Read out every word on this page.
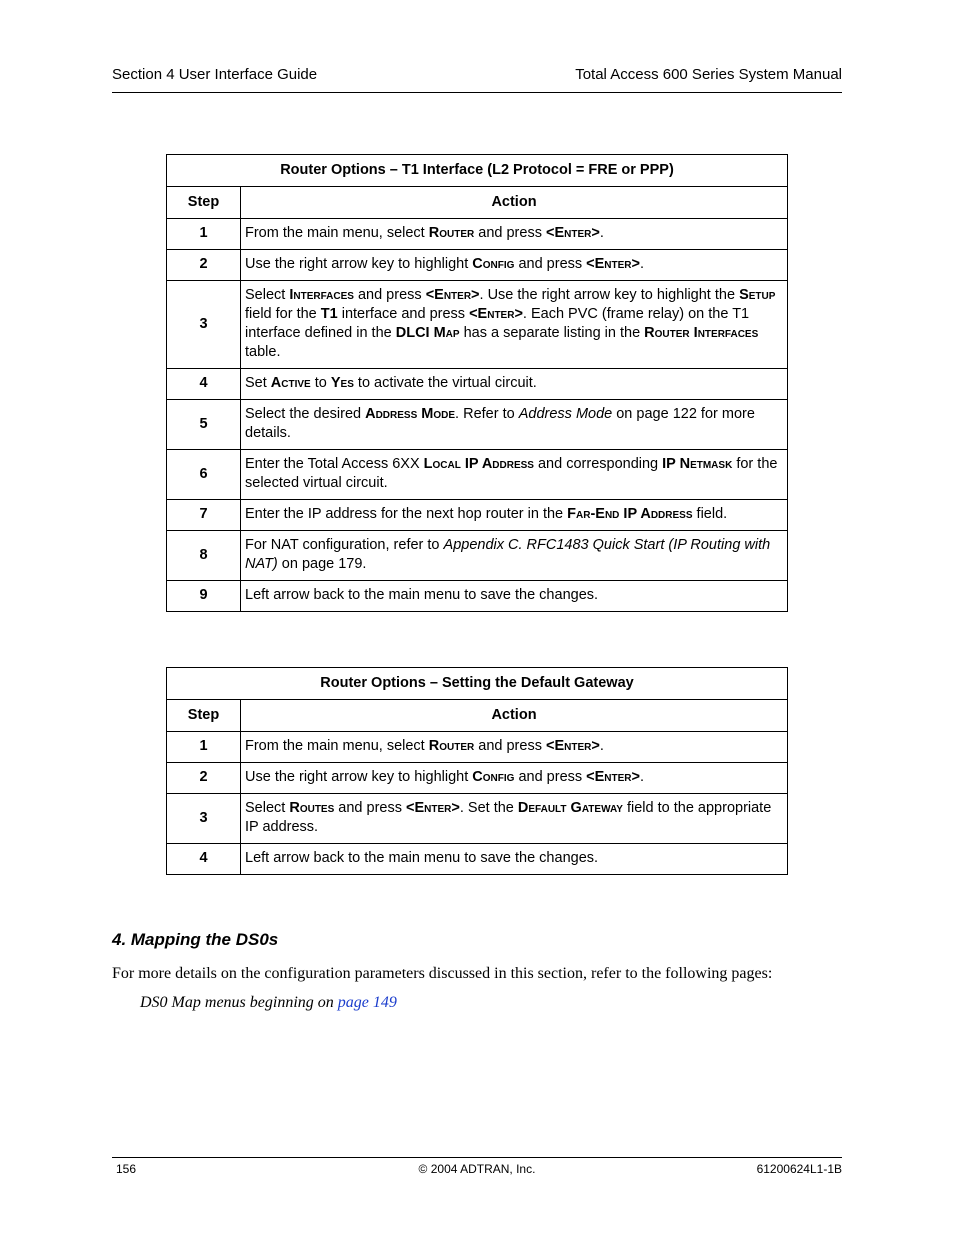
Section 4 User Interface Guide	Total Access 600 Series System Manual
Router Options – T1 Interface (L2 Protocol = FRE or PPP)	
Step	Action
1	From the main menu, select Router and press <Enter>.
2	Use the right arrow key to highlight Config and press <Enter>.
3	Select Interfaces and press <Enter>. Use the right arrow key to highlight the Setup field for the T1 interface and press <Enter>. Each PVC (frame relay) on the T1 interface defined in the DLCI Map has a separate listing in the Router Interfaces table.
4	Set Active to Yes to activate the virtual circuit.
5	Select the desired Address Mode. Refer to Address Mode on page 122 for more details.
6	Enter the Total Access 6XX Local IP Address and corresponding IP Netmask for the selected virtual circuit.
7	Enter the IP address for the next hop router in the Far-End IP Address field.
8	For NAT configuration, refer to Appendix C. RFC1483 Quick Start (IP Routing with NAT) on page 179.
9	Left arrow back to the main menu to save the changes.
Router Options – Setting the Default Gateway	
Step	Action
1	From the main menu, select Router and press <Enter>.
2	Use the right arrow key to highlight Config and press <Enter>.
3	Select Routes and press <Enter>. Set the Default Gateway field to the appropriate IP address.
4	Left arrow back to the main menu to save the changes.
4. Mapping the DS0s
For more details on the configuration parameters discussed in this section, refer to the following pages:
DS0 Map menus beginning on page 149
156	© 2004 ADTRAN, Inc.	61200624L1-1B
